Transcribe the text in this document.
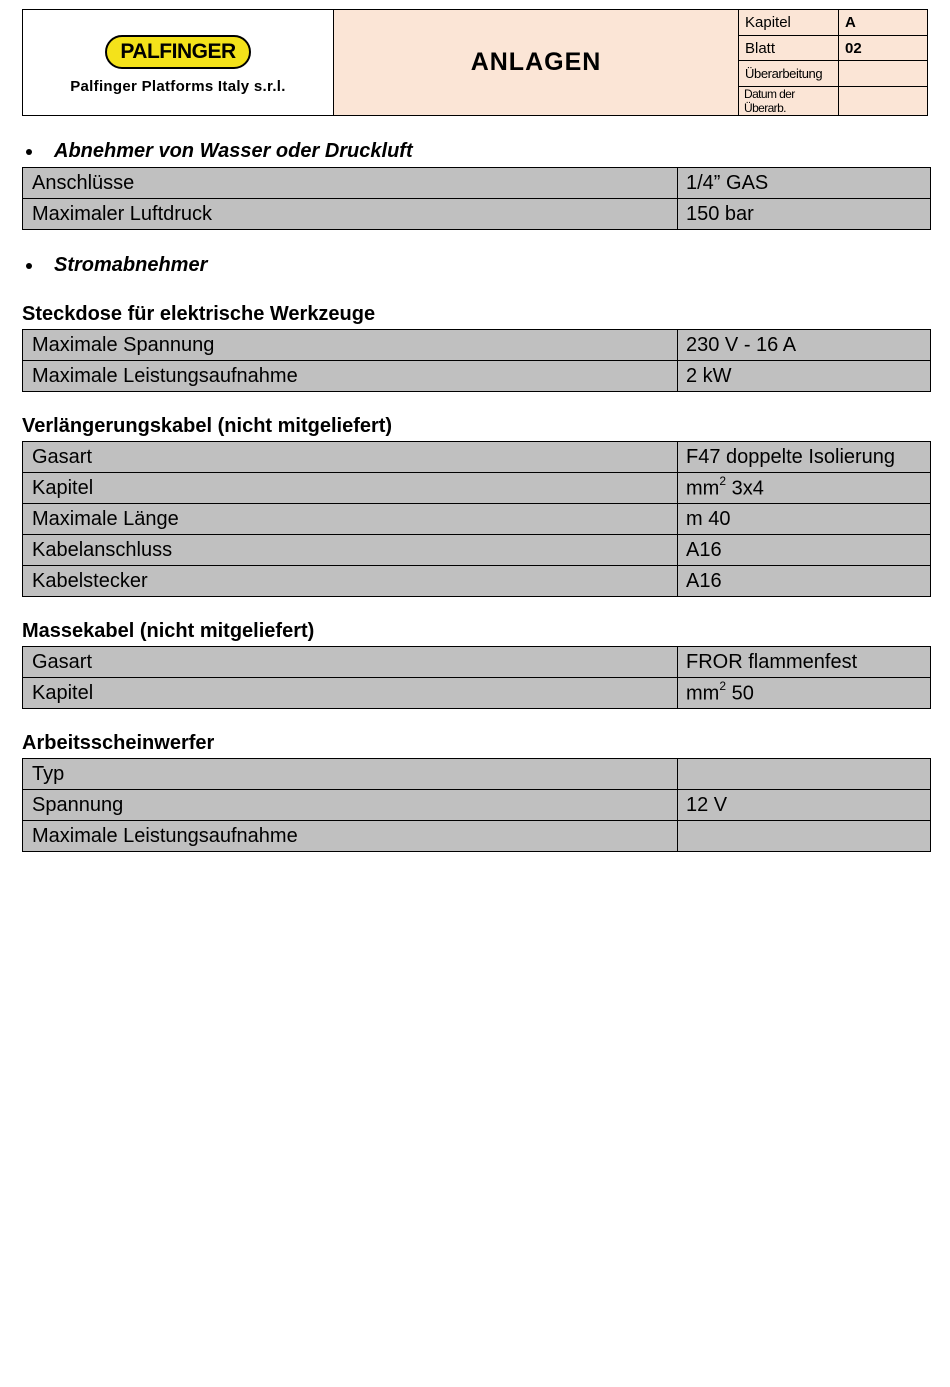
PALFINGER
Palfinger Platforms Italy s.r.l.
ANLAGEN
Kapitel	A
Blatt	02
Überarbeitung
Datum der Überarb.
Abnehmer von Wasser oder Druckluft
Anschlüsse	1/4” GAS
Maximaler Luftdruck	150 bar
Stromabnehmer
Steckdose für elektrische Werkzeuge
Maximale Spannung	230 V - 16 A
Maximale Leistungsaufnahme	2 kW
Verlängerungskabel (nicht mitgeliefert)
Gasart	F47 doppelte Isolierung
Kapitel	$mm^2$ 3x4
Maximale Länge	m 40
Kabelanschluss	A16
Kabelstecker	A16
Massekabel (nicht mitgeliefert)
Gasart	FROR flammenfest
Kapitel	$mm^2$ 50
Arbeitsscheinwerfer
Typ	
Spannung	12 V
Maximale Leistungsaufnahme	
